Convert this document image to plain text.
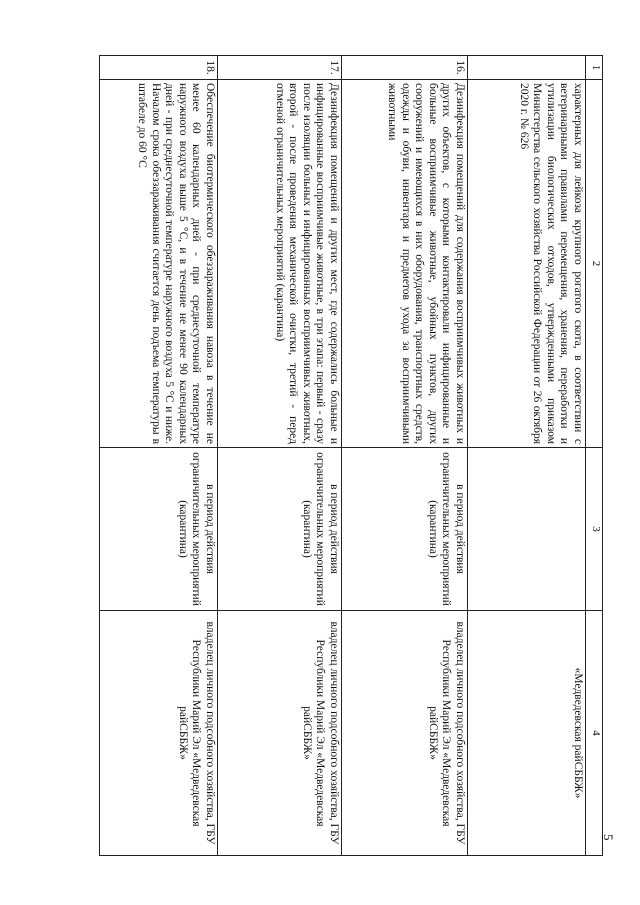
5
1	2	3	4
	характерных для лейкоза крупного рогатого скота, в соответствии с ветеринарными правилами перемещения, хранения, переработки и утилизации биологических отходов, утвержденными приказом Министерства сельского хозяйства Российской Федерации от 26 октября 2020 г. № 626		«Медведевская райСББЖ»
16.	Дезинфекция помещений для содержания восприимчивых животных и других объектов, с которыми контактировали инфицированные и больные восприимчивые животные, убойных пунктов, других сооружений и имеющихся в них оборудования, транспортных средств, одежды и обуви, инвентаря и предметов ухода за восприимчивыми животными	в период действия ограничительных мероприятий (карантина)	владелец личного подсобного хозяйства, ГБУ Республики Марий Эл «Медведевская райСББЖ»
17.	Дезинфекция помещений и других мест, где содержались больные и инфицированные восприимчивые животные, в три этапа: первый - сразу после изоляции больных и инфицированных восприимчивых животных, второй - после проведения механической очистки, третий - перед отменой ограничительных мероприятий (карантина)	в период действия ограничительных мероприятий (карантина)	владелец личного подсобного хозяйства, ГБУ Республики Марий Эл «Медведевская райСББЖ»
18.	Обеспечение биотермического обеззараживания навоза в течение не менее 60 календарных дней - при среднесуточной температуре наружного воздуха выше 5 °С, и в течение не менее 90 календарных дней - при среднесуточной температуре наружного воздуха 5 °С и ниже. Началом срока обеззараживания считается день подъема температуры в штабеле до 60 °С	в период действия ограничительных мероприятий (карантина)	владелец личного подсобного хозяйства, ГБУ Республики Марий Эл «Медведевская райСББЖ»
